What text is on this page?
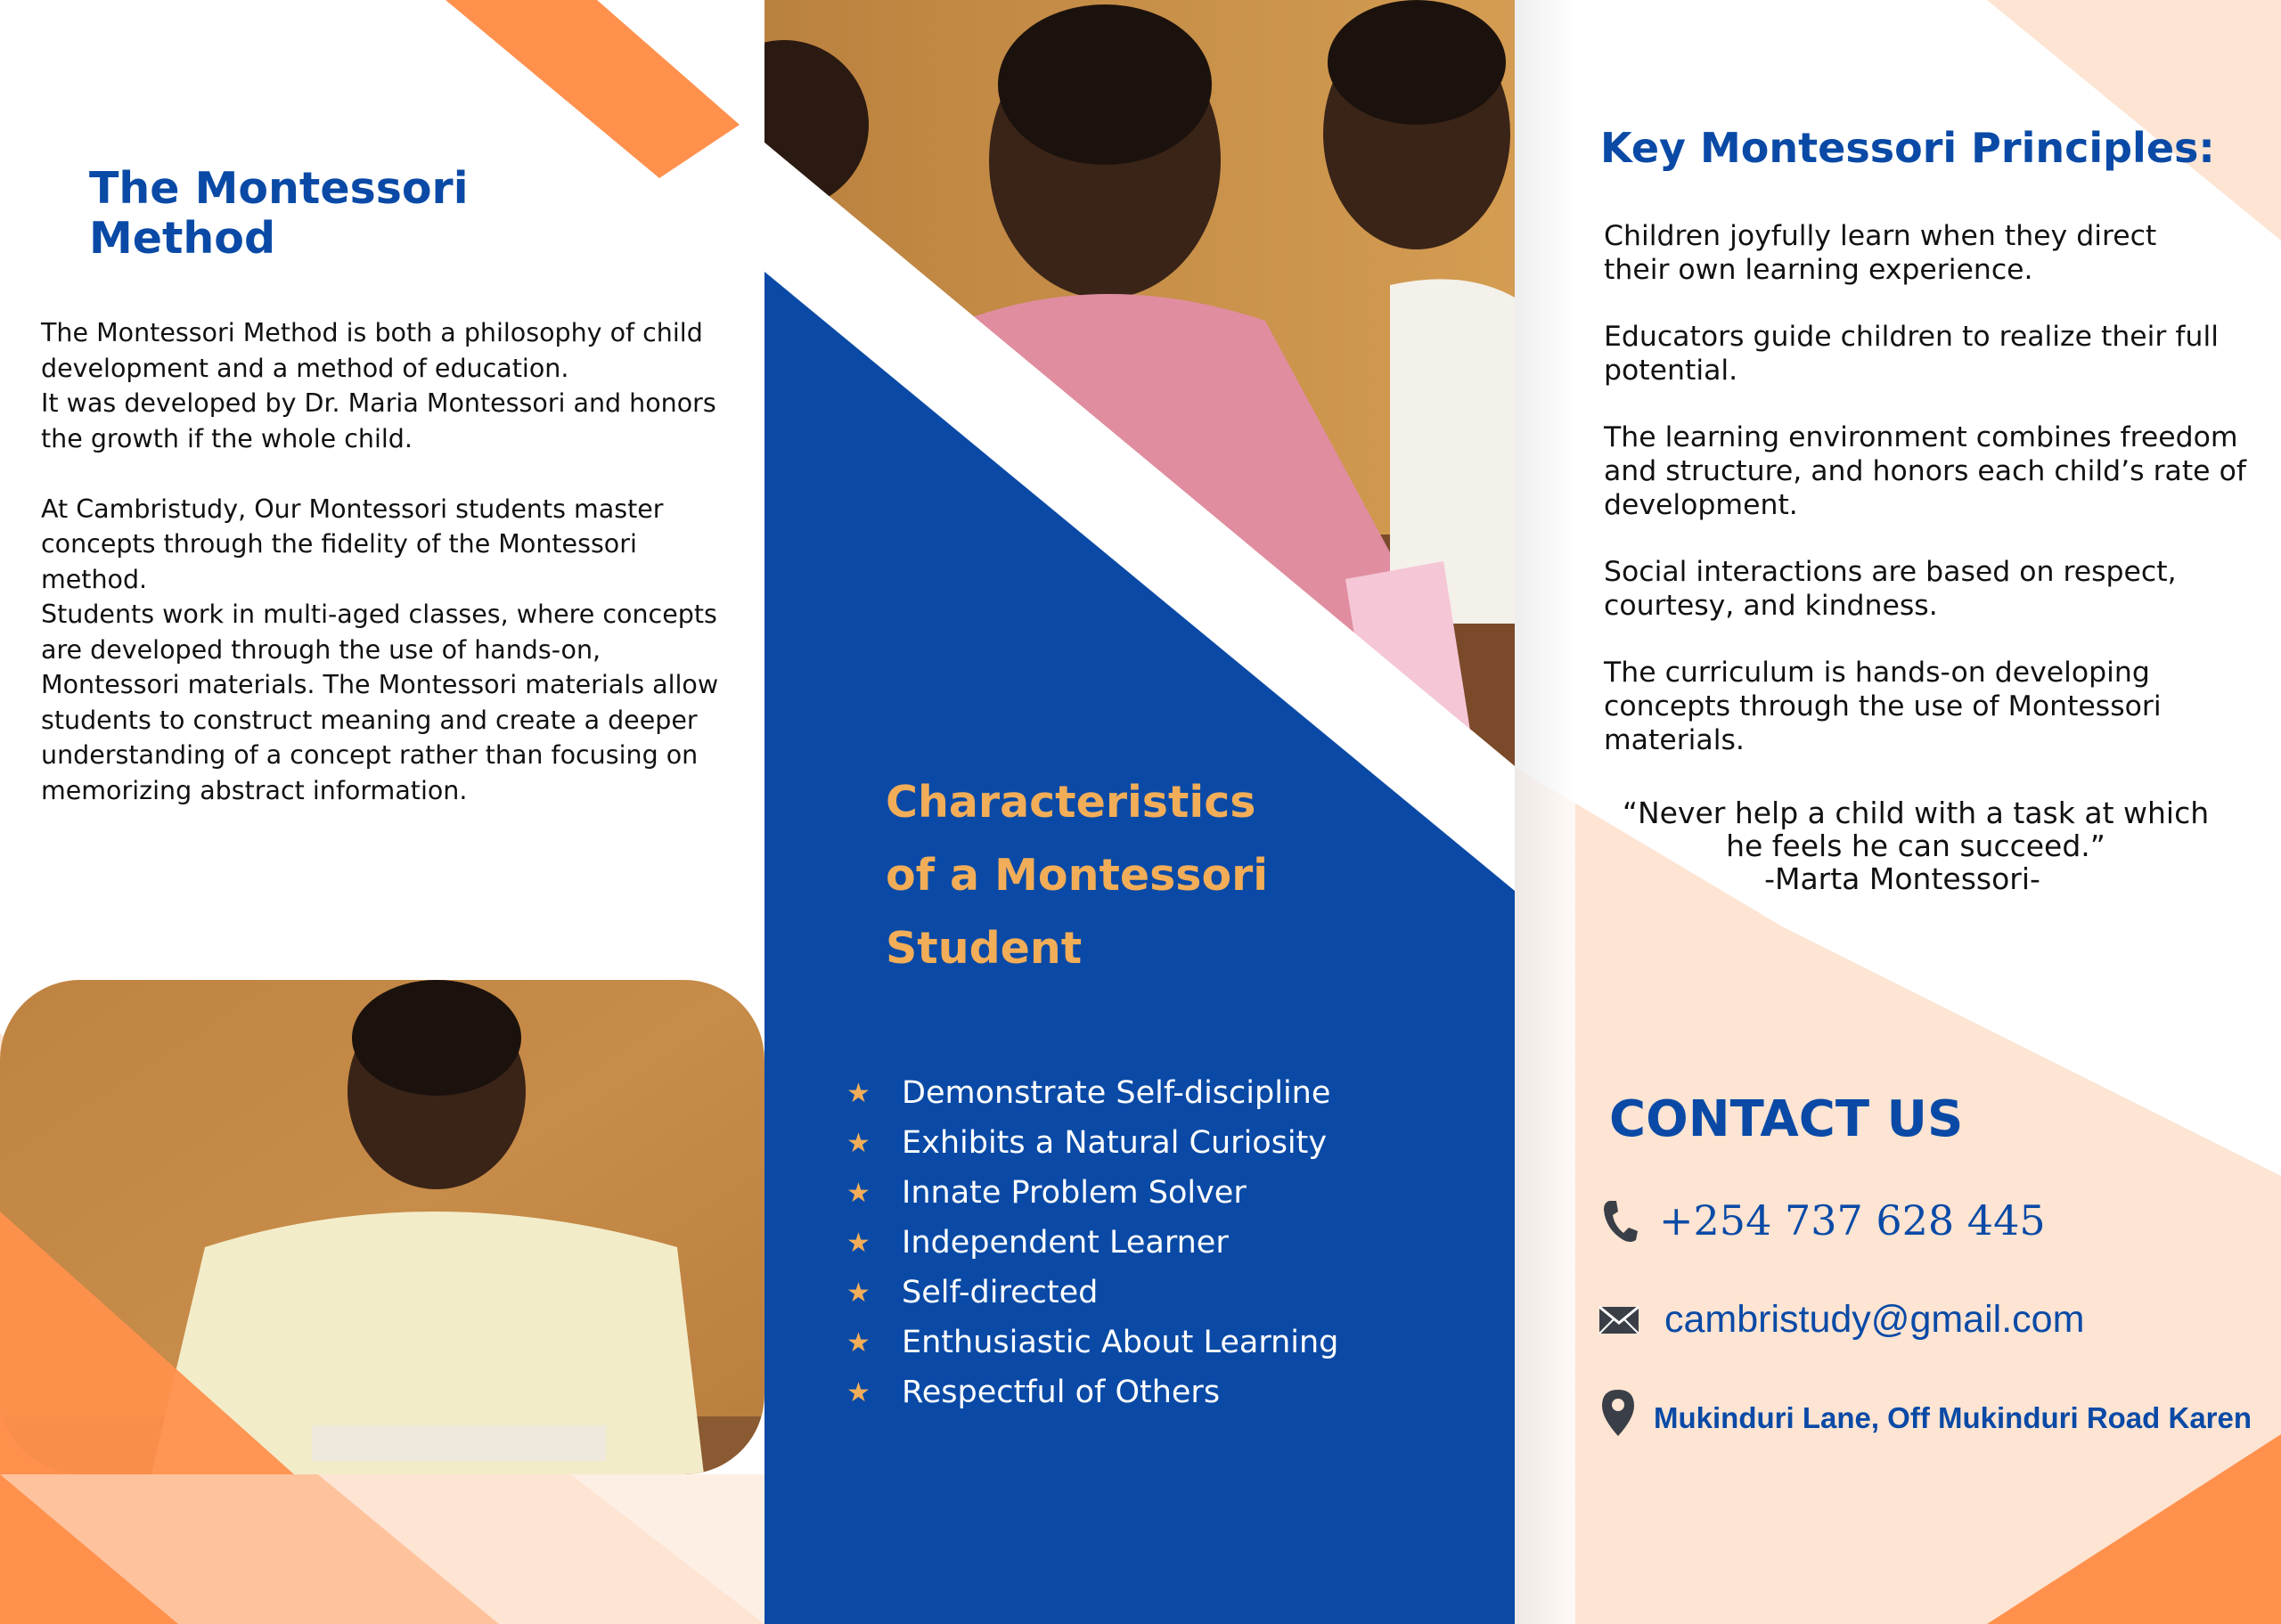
The Montessori
Method

The Montessori Method is both a philosophy of child
development and a method of education.
It was developed by Dr. Maria Montessori and honors
the growth if the whole child.

At Cambristudy, Our Montessori students master
concepts through the fidelity of the Montessori
method.
Students work in multi-aged classes, where concepts
are developed through the use of hands-on,
Montessori materials. The Montessori materials allow
students to construct meaning and create a deeper
understanding of a concept rather than focusing on
memorizing abstract information.	Characteristics
of a Montessori
Student
★	Demonstrate Self-discipline
★	Exhibits a Natural Curiosity
★	Innate Problem Solver
★	Independent Learner
★	Self-directed
★	Enthusiastic About Learning
★	Respectful of Others
Key Montessori Principles:
Children joyfully learn when they direct
their own learning experience.
Educators guide children to realize their full
potential.
The learning environment combines freedom
and structure, and honors each child’s rate of
development.
Social interactions are based on respect,
courtesy, and kindness.
The curriculum is hands-on developing
concepts through the use of Montessori
materials.
“Never help a child with a task at which
he feels he can succeed.”
-Marta Montessori-
CONTACT US
+254 737 628 445
cambristudy@gmail.com
Mukinduri Lane, Off Mukinduri Road Karen
